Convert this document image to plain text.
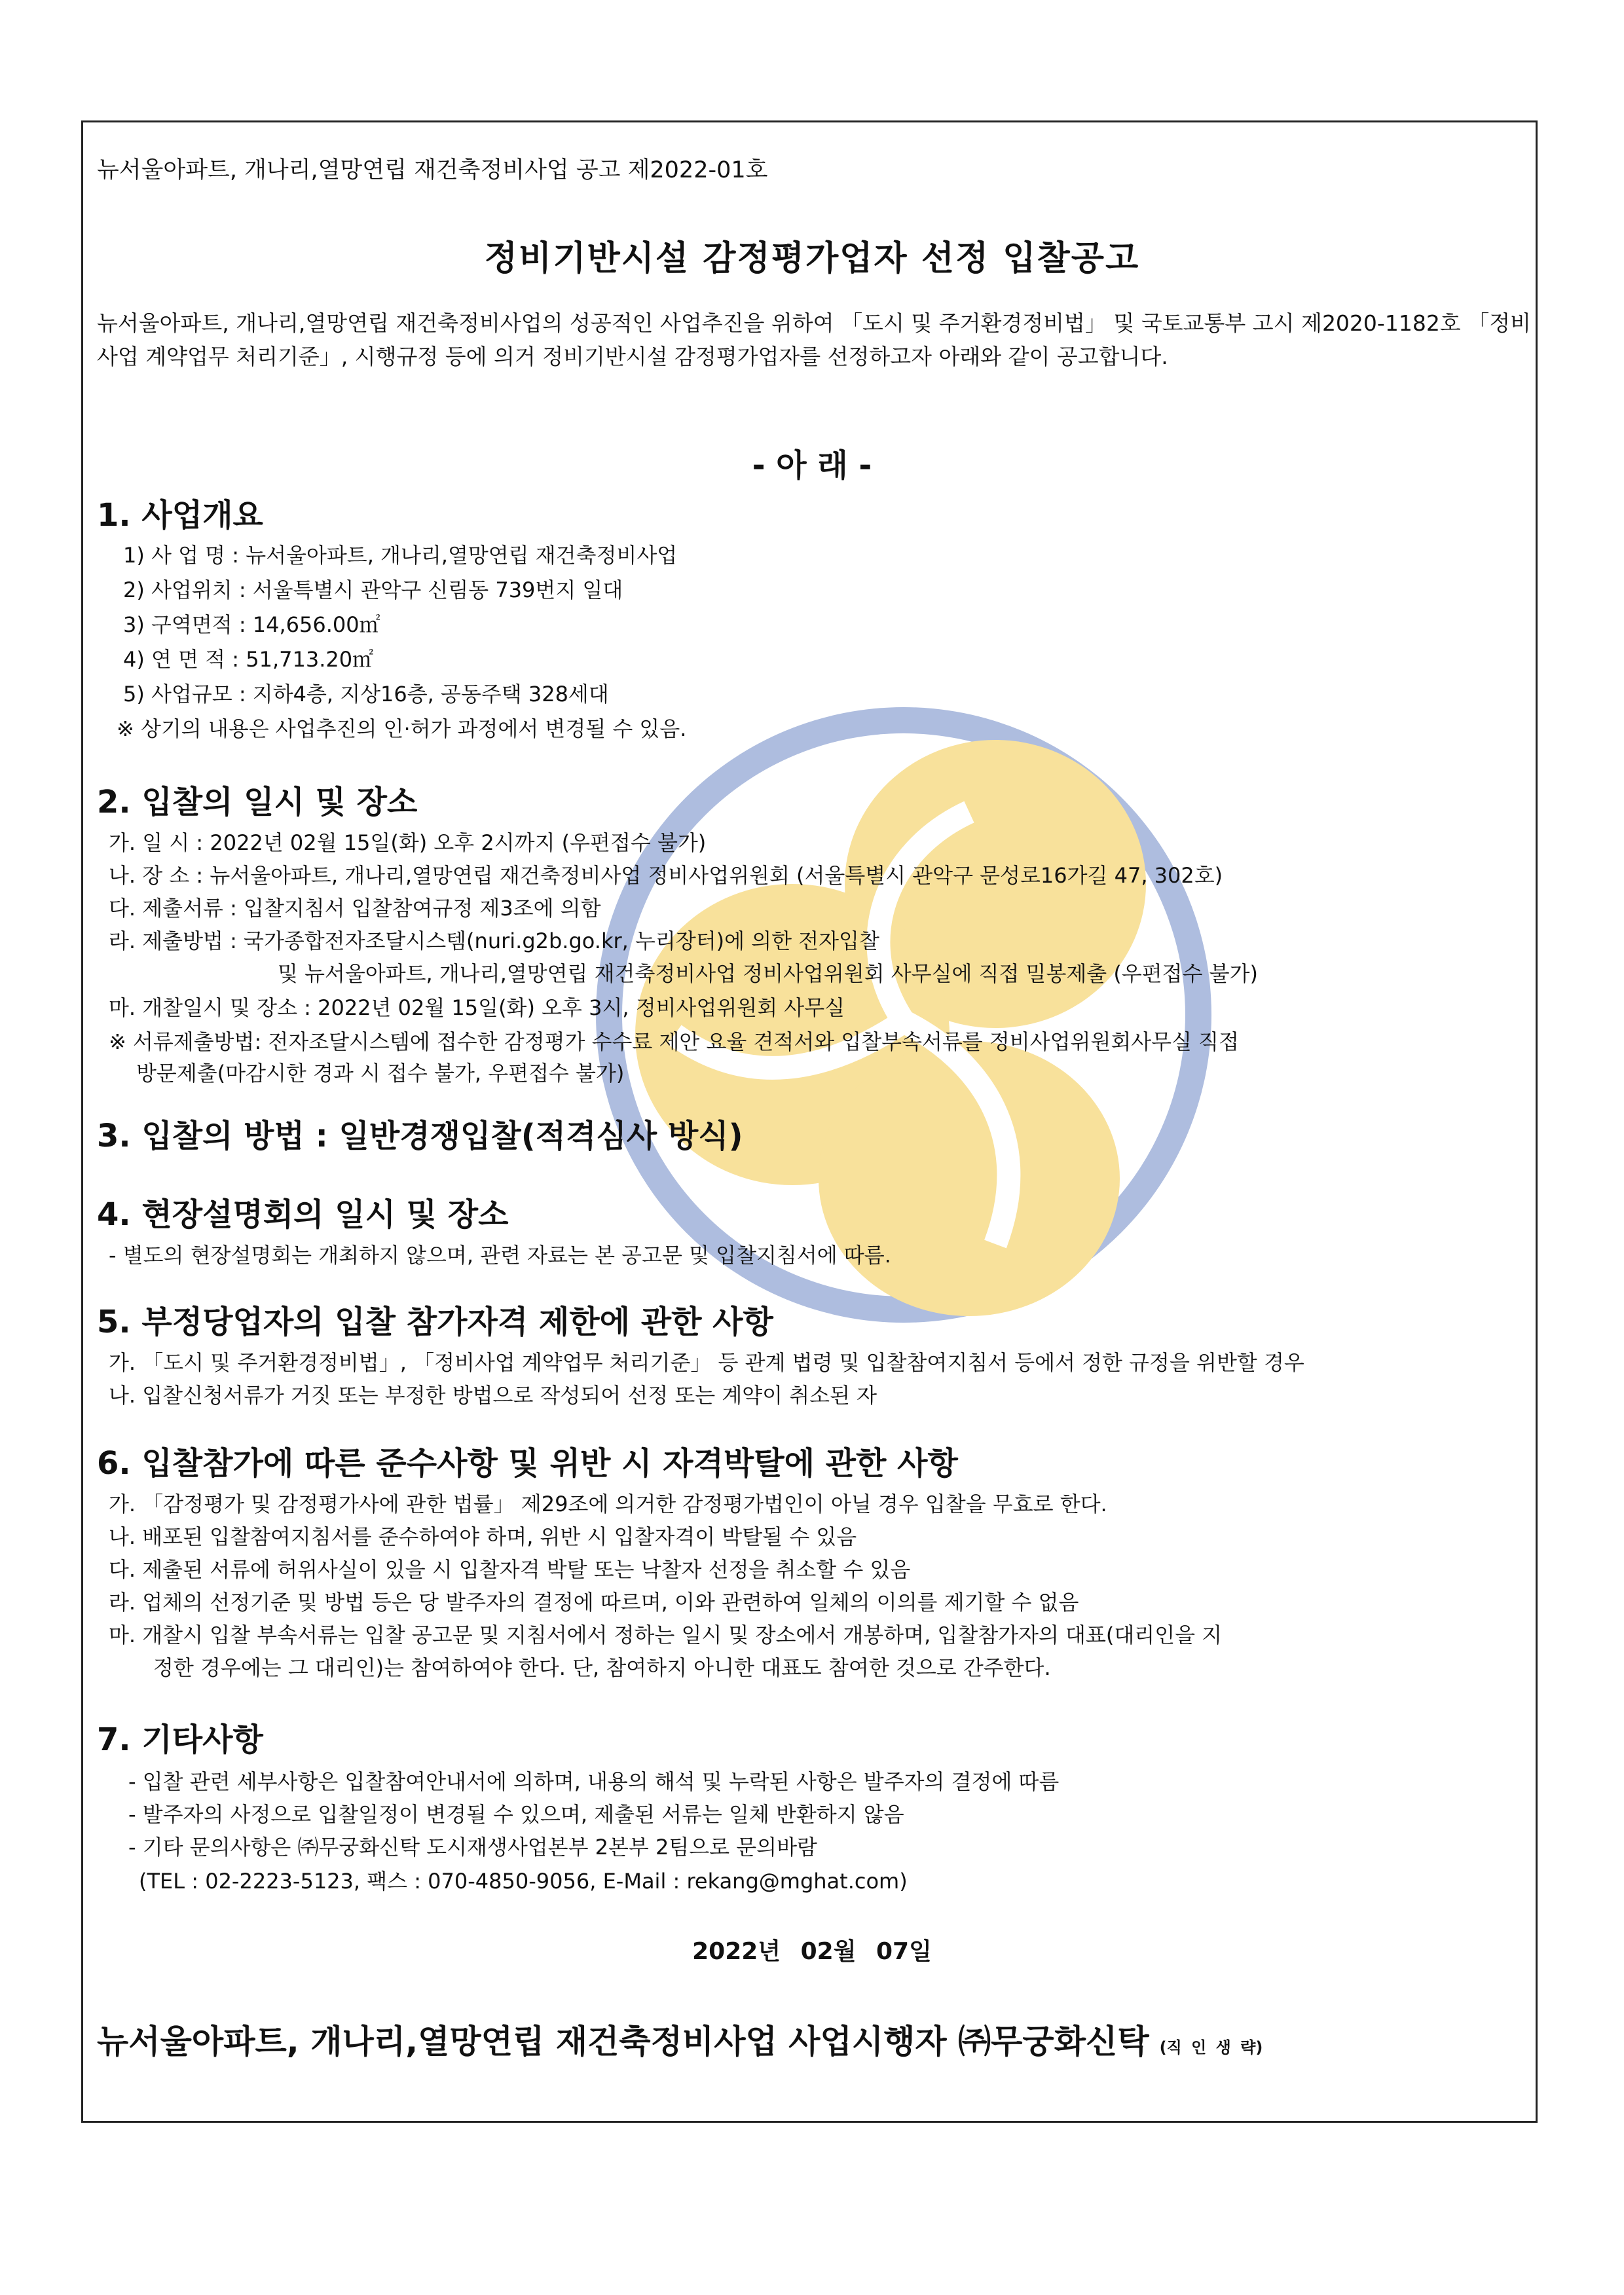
뉴서울아파트, 개나리,열망연립 재건축정비사업 공고 제2022-01호
정비기반시설 감정평가업자 선정 입찰공고
뉴서울아파트, 개나리,열망연립 재건축정비사업의 성공적인 사업추진을 위하여 「도시 및 주거환경정비법」 및 국토교통부 고시 제2020-1182호 「정비사업 계약업무 처리기준」, 시행규정 등에 의거 정비기반시설 감정평가업자를 선정하고자 아래와 같이 공고합니다.
- 아 래 -
1. 사업개요
1) 사 업 명 : 뉴서울아파트, 개나리,열망연립 재건축정비사업
2) 사업위치 : 서울특별시 관악구 신림동 739번지 일대
3) 구역면적 : 14,656.00㎡
4) 연 면 적 : 51,713.20㎡
5) 사업규모 : 지하4층, 지상16층, 공동주택 328세대
※ 상기의 내용은 사업추진의 인·허가 과정에서 변경될 수 있음.
2. 입찰의 일시 및 장소
가. 일 시 : 2022년 02월 15일(화) 오후 2시까지 (우편접수 불가)
나. 장 소 : 뉴서울아파트, 개나리,열망연립 재건축정비사업 정비사업위원회 (서울특별시 관악구 문성로16가길 47, 302호)
다. 제출서류 : 입찰지침서 입찰참여규정 제3조에 의함
라. 제출방법 : 국가종합전자조달시스템(nuri.g2b.go.kr, 누리장터)에 의한 전자입찰
및 뉴서울아파트, 개나리,열망연립 재건축정비사업 정비사업위원회 사무실에 직접 밀봉제출 (우편접수 불가)
마. 개찰일시 및 장소 : 2022년 02월 15일(화) 오후 3시, 정비사업위원회 사무실
※ 서류제출방법: 전자조달시스템에 접수한 감정평가 수수료 제안 요율 견적서와 입찰부속서류를 정비사업위원회사무실 직접
방문제출(마감시한 경과 시 접수 불가, 우편접수 불가)
3. 입찰의 방법 : 일반경쟁입찰(적격심사 방식)
4. 현장설명회의 일시 및 장소
- 별도의 현장설명회는 개최하지 않으며, 관련 자료는 본 공고문 및 입찰지침서에 따름.
5. 부정당업자의 입찰 참가자격 제한에 관한 사항
가. 「도시 및 주거환경정비법」, 「정비사업 계약업무 처리기준」 등 관계 법령 및 입찰참여지침서 등에서 정한 규정을 위반할 경우
나. 입찰신청서류가 거짓 또는 부정한 방법으로 작성되어 선정 또는 계약이 취소된 자
6. 입찰참가에 따른 준수사항 및 위반 시 자격박탈에 관한 사항
가. 「감정평가 및 감정평가사에 관한 법률」 제29조에 의거한 감정평가법인이 아닐 경우 입찰을 무효로 한다.
나. 배포된 입찰참여지침서를 준수하여야 하며, 위반 시 입찰자격이 박탈될 수 있음
다. 제출된 서류에 허위사실이 있을 시 입찰자격 박탈 또는 낙찰자 선정을 취소할 수 있음
라. 업체의 선정기준 및 방법 등은 당 발주자의 결정에 따르며, 이와 관련하여 일체의 이의를 제기할 수 없음
마. 개찰시 입찰 부속서류는 입찰 공고문 및 지침서에서 정하는 일시 및 장소에서 개봉하며, 입찰참가자의 대표(대리인을 지
정한 경우에는 그 대리인)는 참여하여야 한다. 단, 참여하지 아니한 대표도 참여한 것으로 간주한다.
7. 기타사항
- 입찰 관련 세부사항은 입찰참여안내서에 의하며, 내용의 해석 및 누락된 사항은 발주자의 결정에 따름
- 발주자의 사정으로 입찰일정이 변경될 수 있으며, 제출된 서류는 일체 반환하지 않음
- 기타 문의사항은 ㈜무궁화신탁 도시재생사업본부 2본부 2팀으로 문의바람
(TEL : 02-2223-5123, 팩스 : 070-4850-9056, E-Mail : rekang@mghat.com)
2022년 02월 07일
뉴서울아파트, 개나리,열망연립 재건축정비사업 사업시행자 ㈜무궁화신탁 (직 인 생 략)
